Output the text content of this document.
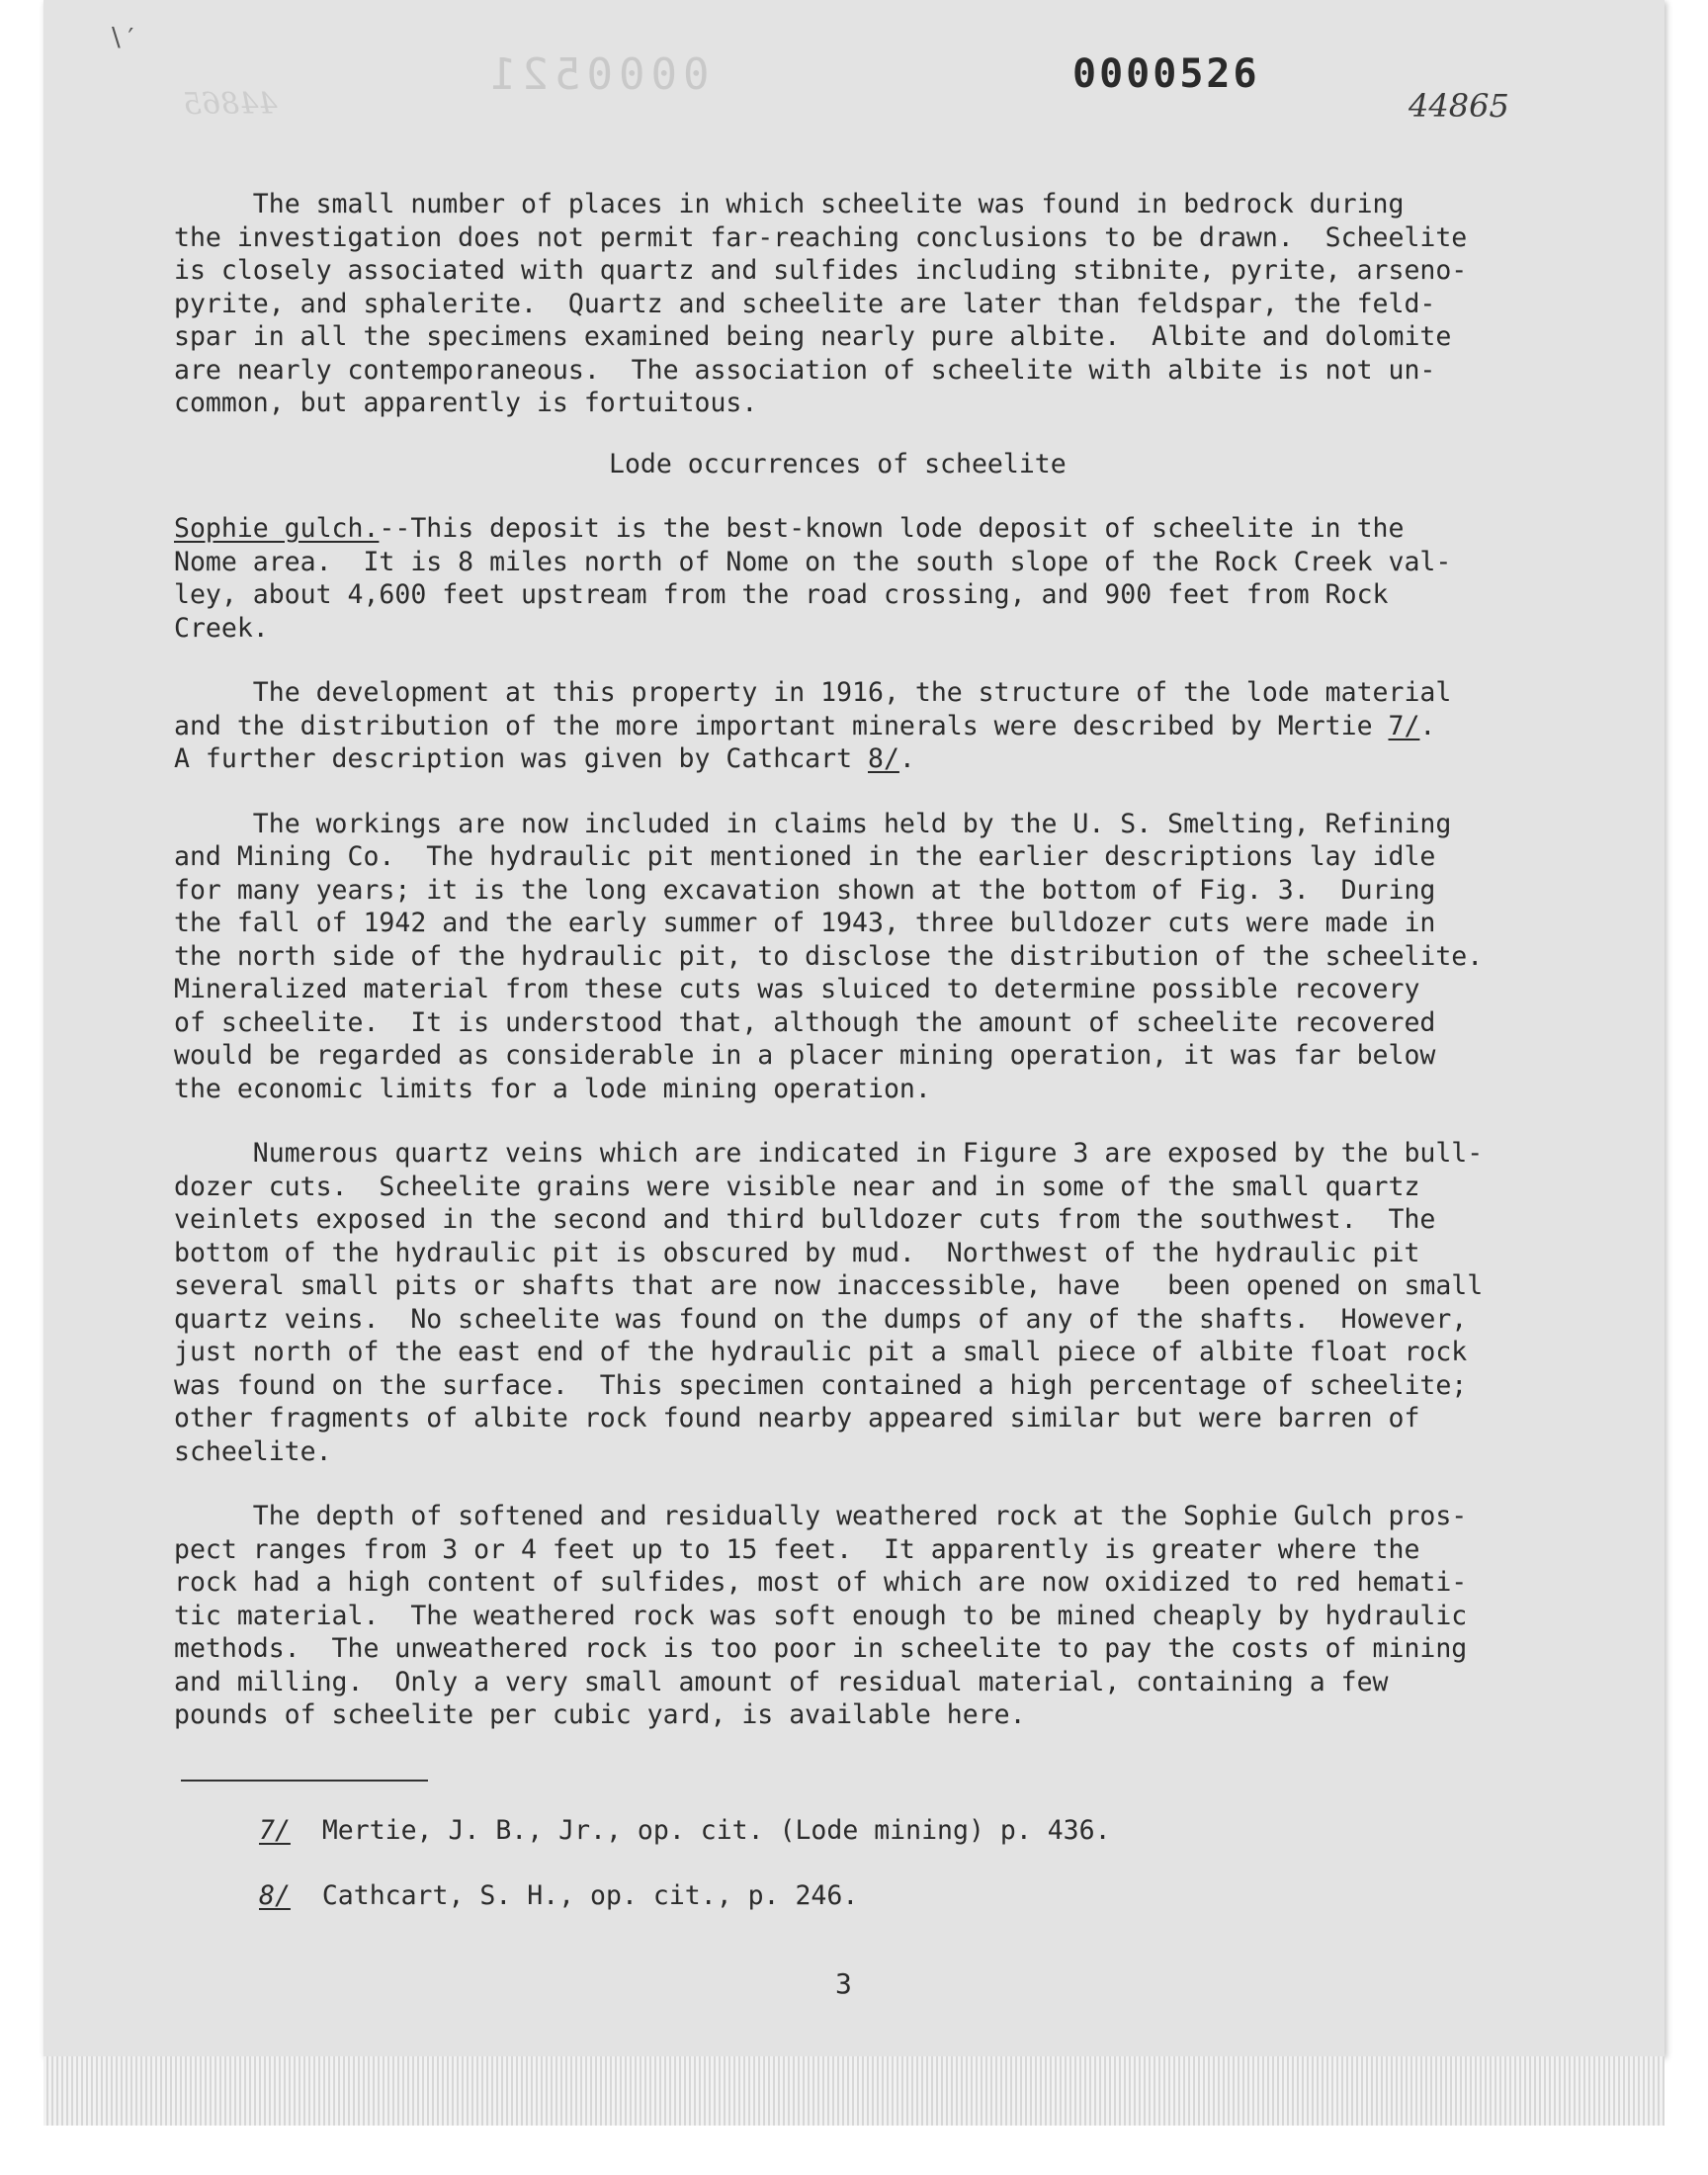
∖′
0000521	0000526
44865	44865

The small number of places in which scheelite was found in bedrock during
the investigation does not permit far-reaching conclusions to be drawn.  Scheelite
is closely associated with quartz and sulfides including stibnite, pyrite, arseno-
pyrite, and sphalerite.  Quartz and scheelite are later than feldspar, the feld-
spar in all the specimens examined being nearly pure albite.  Albite and dolomite
are nearly contemporaneous.  The association of scheelite with albite is not un-
common, but apparently is fortuitous.

Lode occurrences of scheelite

Sophie gulch.--This deposit is the best-known lode deposit of scheelite in the
Nome area.  It is 8 miles north of Nome on the south slope of the Rock Creek val-
ley, about 4,600 feet upstream from the road crossing, and 900 feet from Rock
Creek.

The development at this property in 1916, the structure of the lode material
and the distribution of the more important minerals were described by Mertie 7/.
A further description was given by Cathcart 8/.

The workings are now included in claims held by the U. S. Smelting, Refining
and Mining Co.  The hydraulic pit mentioned in the earlier descriptions lay idle
for many years; it is the long excavation shown at the bottom of Fig. 3.  During
the fall of 1942 and the early summer of 1943, three bulldozer cuts were made in
the north side of the hydraulic pit, to disclose the distribution of the scheelite.
Mineralized material from these cuts was sluiced to determine possible recovery
of scheelite.  It is understood that, although the amount of scheelite recovered
would be regarded as considerable in a placer mining operation, it was far below
the economic limits for a lode mining operation.

Numerous quartz veins which are indicated in Figure 3 are exposed by the bull-
dozer cuts.  Scheelite grains were visible near and in some of the small quartz
veinlets exposed in the second and third bulldozer cuts from the southwest.  The
bottom of the hydraulic pit is obscured by mud.  Northwest of the hydraulic pit
several small pits or shafts that are now inaccessible, have   been opened on small
quartz veins.  No scheelite was found on the dumps of any of the shafts.  However,
just north of the east end of the hydraulic pit a small piece of albite float rock
was found on the surface.  This specimen contained a high percentage of scheelite;
other fragments of albite rock found nearby appeared similar but were barren of
scheelite.

The depth of softened and residually weathered rock at the Sophie Gulch pros-
pect ranges from 3 or 4 feet up to 15 feet.  It apparently is greater where the
rock had a high content of sulfides, most of which are now oxidized to red hemati-
tic material.  The weathered rock was soft enough to be mined cheaply by hydraulic
methods.  The unweathered rock is too poor in scheelite to pay the costs of mining
and milling.  Only a very small amount of residual material, containing a few
pounds of scheelite per cubic yard, is available here.

7/  Mertie, J. B., Jr., op. cit. (Lode mining) p. 436.
8/  Cathcart, S. H., op. cit., p. 246.
3
